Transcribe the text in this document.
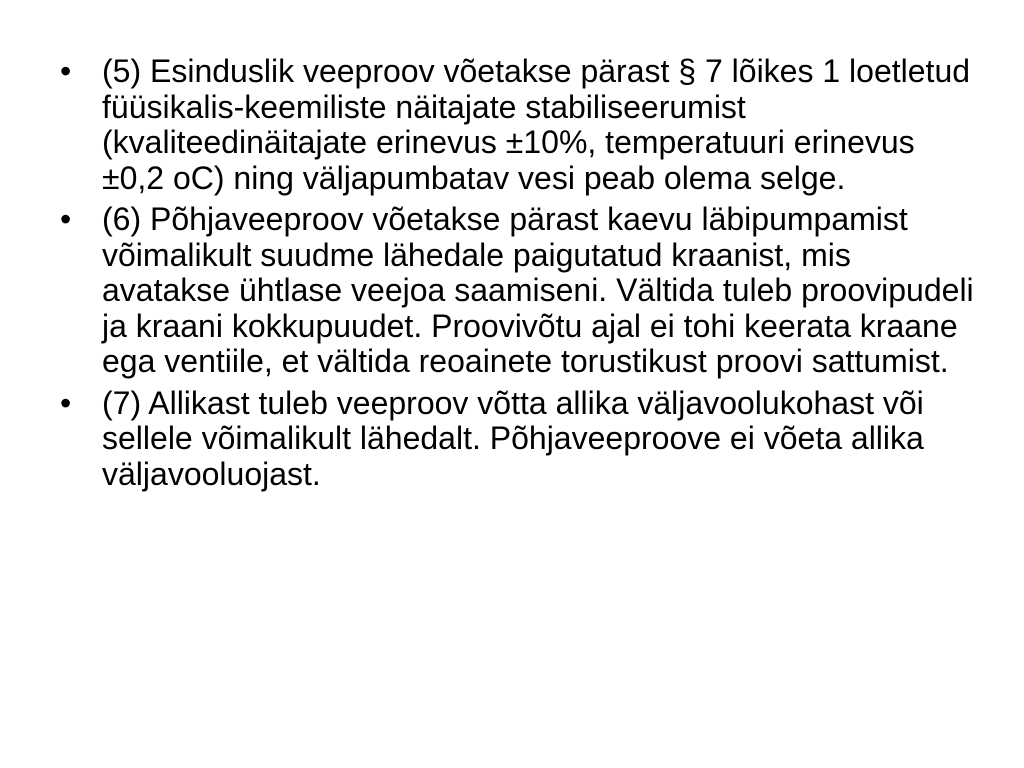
• (5) Esinduslik veeproov võetakse pärast § 7 lõikes 1 loetletud füüsikalis-keemiliste näitajate stabiliseerumist (kvaliteedinäitajate erinevus ±10%, temperatuuri erinevus ±0,2 oC) ning väljapumbatav vesi peab olema selge.
• (6) Põhjaveeproov võetakse pärast kaevu läbipumpamist võimalikult suudme lähedale paigutatud kraanist, mis avatakse ühtlase veejoa saamiseni. Vältida tuleb proovipudeli ja kraani kokkupuudet. Proovivõtu ajal ei tohi keerata kraane ega ventiile, et vältida reoainete torustikust proovi sattumist.
• (7) Allikast tuleb veeproov võtta allika väljavoolukohast või sellele võimalikult lähedalt. Põhjaveeproove ei võeta allika väljavooluojast.
